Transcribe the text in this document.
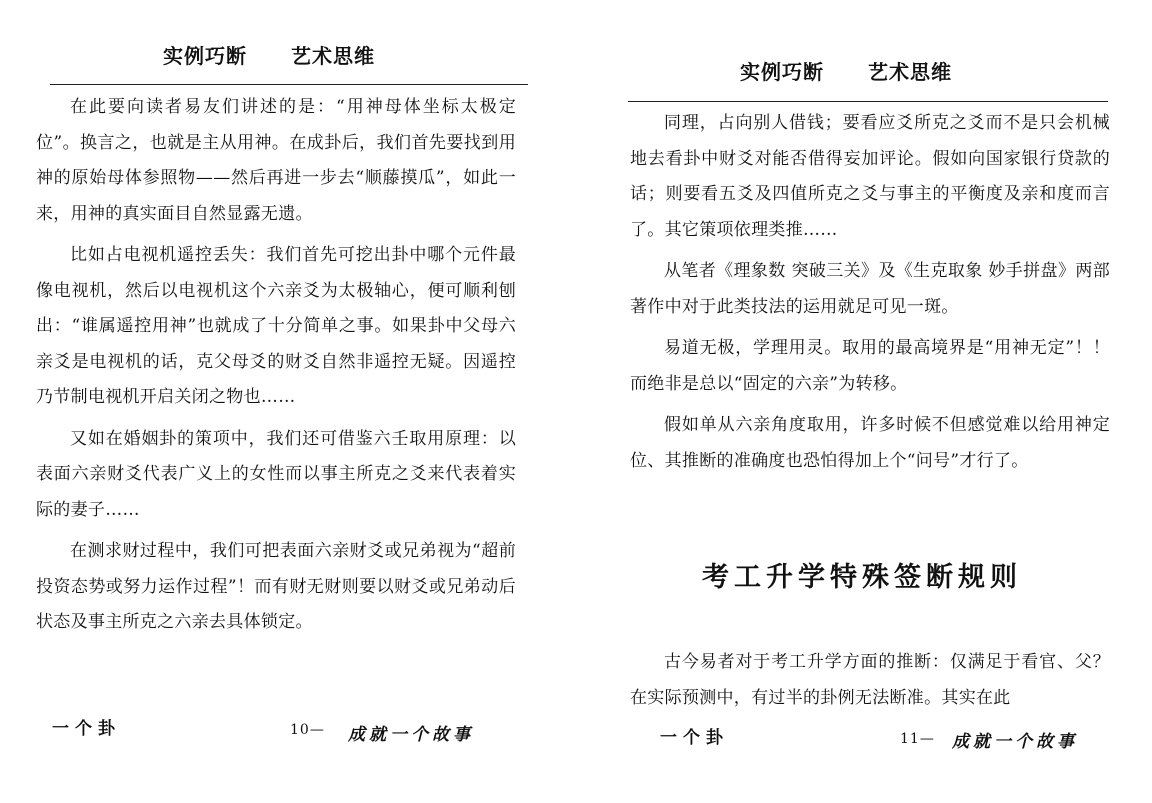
实例巧断 艺术思维

在此要向读者易友们讲述的是：“用神母体坐标太极定位”。换言之，也就是主从用神。在成卦后，我们首先要找到用神的原始母体参照物——然后再进一步去“顺藤摸瓜”，如此一来，用神的真实面目自然显露无遗。

比如占电视机遥控丢失：我们首先可挖出卦中哪个元件最像电视机，然后以电视机这个六亲爻为太极轴心，便可顺利刨出：“谁属遥控用神”也就成了十分简单之事。如果卦中父母六亲爻是电视机的话，克父母爻的财爻自然非遥控无疑。因遥控乃节制电视机开启关闭之物也……

又如在婚姻卦的策项中，我们还可借鉴六壬取用原理：以表面六亲财爻代表广义上的女性而以事主所克之爻来代表着实际的妻子……

在测求财过程中，我们可把表面六亲财爻或兄弟视为“超前投资态势或努力运作过程”！而有财无财则要以财爻或兄弟动后状态及事主所克之六亲去具体锁定。

一个卦	10— 成就一个故事
实例巧断 艺术思维

同理，占向别人借钱；要看应爻所克之爻而不是只会机械地去看卦中财爻对能否借得妄加评论。假如向国家银行贷款的话；则要看五爻及四值所克之爻与事主的平衡度及亲和度而言了。其它策项依理类推……

从笔者《理象数 突破三关》及《生克取象 妙手拼盘》两部著作中对于此类技法的运用就足可见一斑。

易道无极，学理用灵。取用的最高境界是“用神无定”！！而绝非是总以“固定的六亲”为转移。

假如单从六亲角度取用，许多时候不但感觉难以给用神定位、其推断的准确度也恐怕得加上个“问号”才行了。

考工升学特殊签断规则

古今易者对于考工升学方面的推断：仅满足于看官、父？在实际预测中，有过半的卦例无法断准。其实在此

一个卦	11— 成就一个故事
